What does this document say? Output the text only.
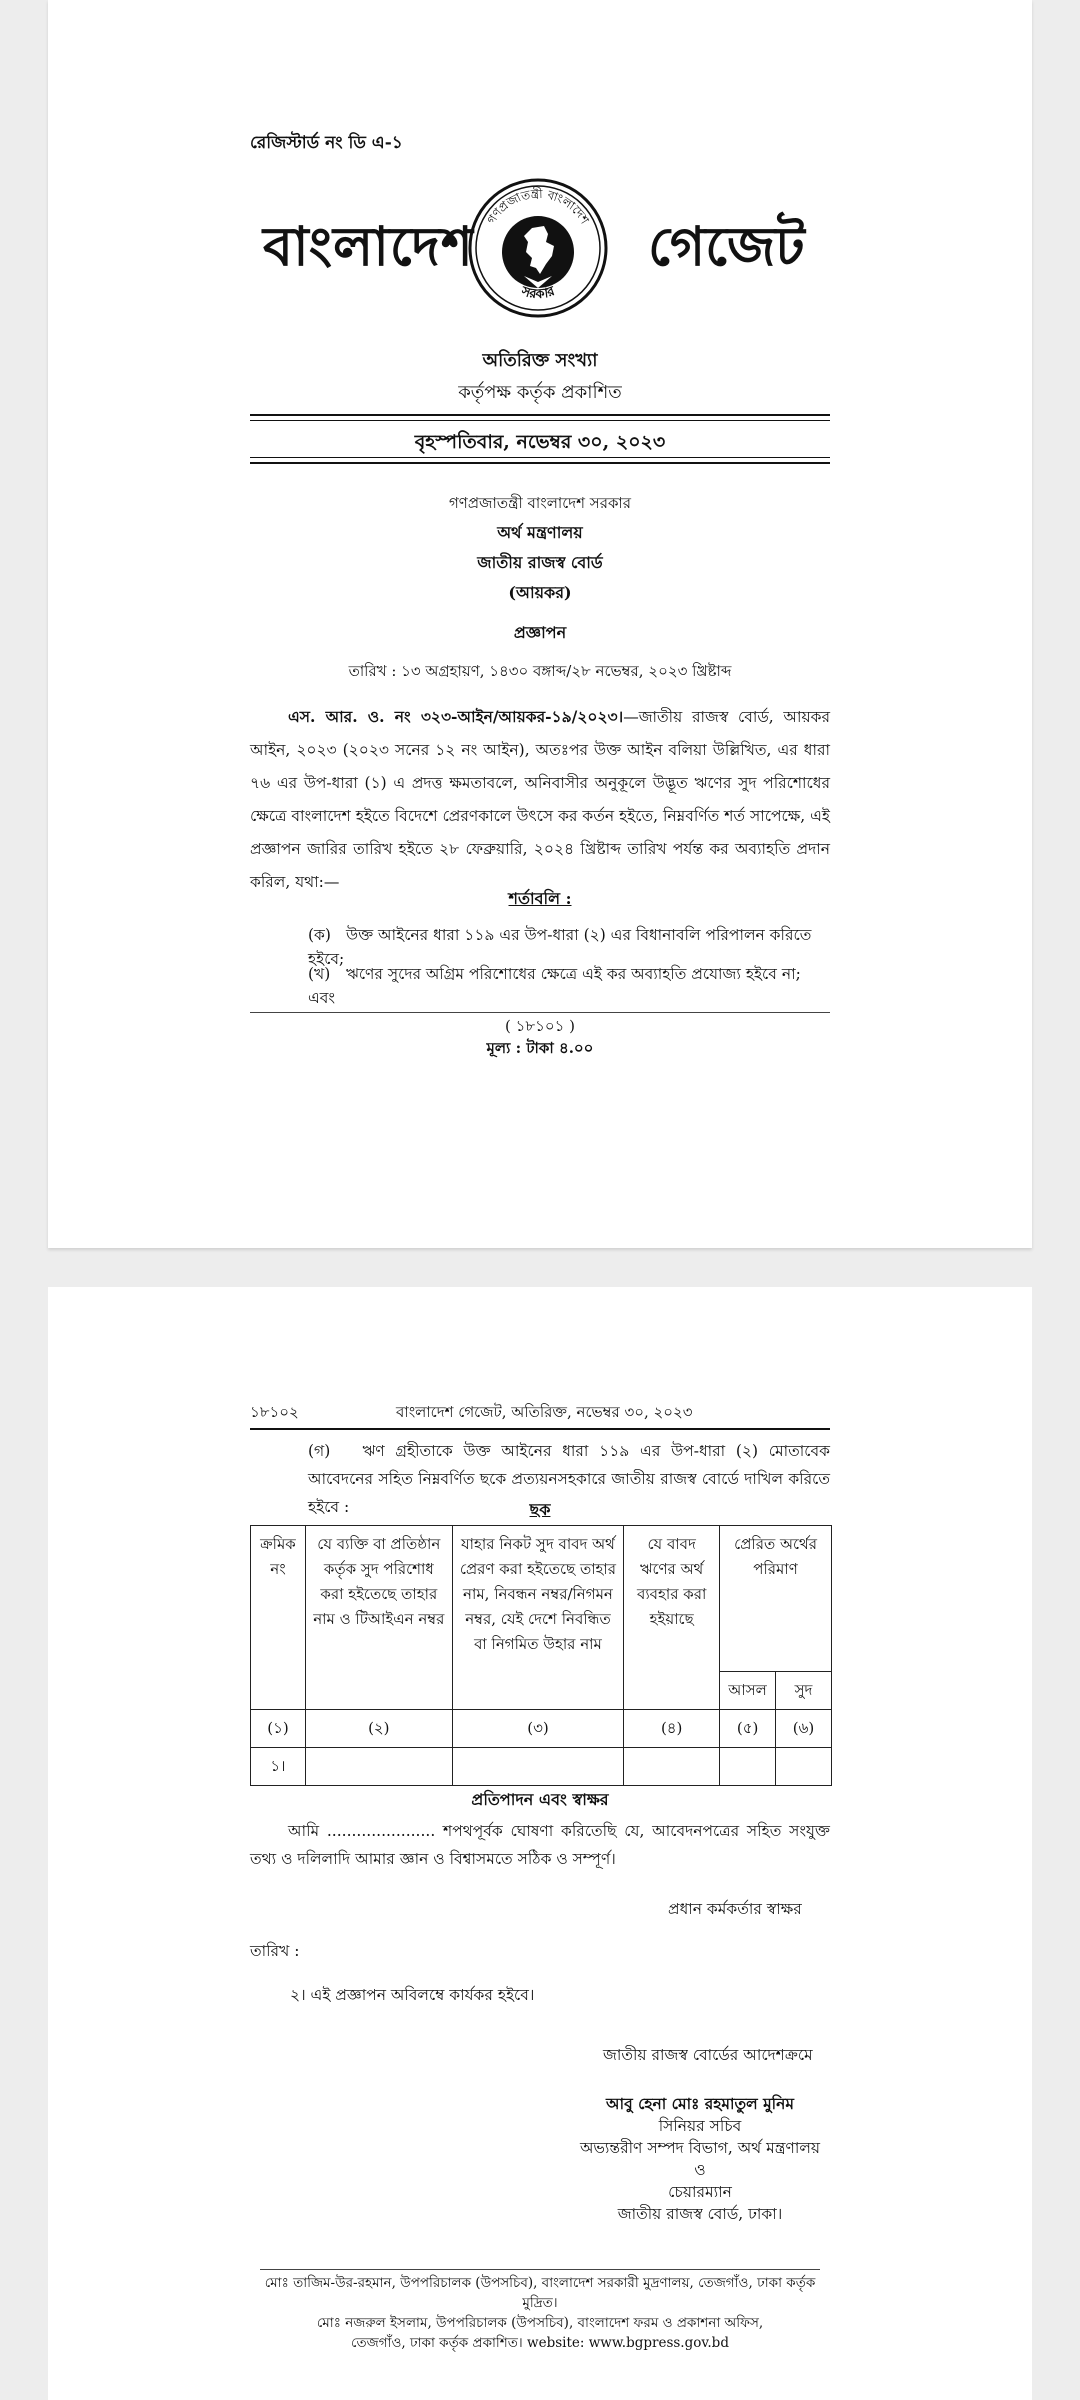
রেজিস্টার্ড নং ডি এ-১
বাংলাদেশ গণপ্রজাতন্ত্রী বাংলাদেশ
সরকার
গেজেট
অতিরিক্ত সংখ্যা
কর্তৃপক্ষ কর্তৃক প্রকাশিত
বৃহস্পতিবার, নভেম্বর ৩০, ২০২৩
গণপ্রজাতন্ত্রী বাংলাদেশ সরকার
অর্থ মন্ত্রণালয়
জাতীয় রাজস্ব বোর্ড
(আয়কর)
প্রজ্ঞাপন
তারিখ : ১৩ অগ্রহায়ণ, ১৪৩০ বঙ্গাব্দ/২৮ নভেম্বর, ২০২৩ খ্রিষ্টাব্দ
এস. আর. ও. নং ৩২৩-আইন/আয়কর-১৯/২০২৩।—জাতীয় রাজস্ব বোর্ড, আয়কর আইন, ২০২৩ (২০২৩ সনের ১২ নং আইন), অতঃপর উক্ত আইন বলিয়া উল্লিখিত, এর ধারা ৭৬ এর উপ-ধারা (১) এ প্রদত্ত ক্ষমতাবলে, অনিবাসীর অনুকূলে উদ্ভূত ঋণের সুদ পরিশোধের ক্ষেত্রে বাংলাদেশ হইতে বিদেশে প্রেরণকালে উৎসে কর কর্তন হইতে, নিম্নবর্ণিত শর্ত সাপেক্ষে, এই প্রজ্ঞাপন জারির তারিখ হইতে ২৮ ফেব্রুয়ারি, ২০২৪ খ্রিষ্টাব্দ তারিখ পর্যন্ত কর অব্যাহতি প্রদান করিল, যথা:—
শর্তাবলি :
(ক) উক্ত আইনের ধারা ১১৯ এর উপ-ধারা (২) এর বিধানাবলি পরিপালন করিতে হইবে;
(খ) ঋণের সুদের অগ্রিম পরিশোধের ক্ষেত্রে এই কর অব্যাহতি প্রযোজ্য হইবে না; এবং
( ১৮১০১ )
মূল্য : টাকা ৪.০০
১৮১০২	বাংলাদেশ গেজেট, অতিরিক্ত, নভেম্বর ৩০, ২০২৩
(গ) ঋণ গ্রহীতাকে উক্ত আইনের ধারা ১১৯ এর উপ-ধারা (২) মোতাবেক আবেদনের সহিত নিম্নবর্ণিত ছকে প্রত্যয়নসহকারে জাতীয় রাজস্ব বোর্ডে দাখিল করিতে হইবে :	ছক
ক্রমিক নং	যে ব্যক্তি বা প্রতিষ্ঠান কর্তৃক সুদ পরিশোধ করা হইতেছে তাহার নাম ও টিআইএন নম্বর	যাহার নিকট সুদ বাবদ অর্থ প্রেরণ করা হইতেছে তাহার নাম, নিবন্ধন নম্বর/নিগমন নম্বর, যেই দেশে নিবন্ধিত বা নিগমিত উহার নাম	যে বাবদ ঋণের অর্থ ব্যবহার করা হইয়াছে	প্রেরিত অর্থের পরিমাণ	
				আসল	সুদ
(১)	(২)	(৩)	(৪)	(৫)	(৬)
১।					
প্রতিপাদন এবং স্বাক্ষর
আমি ...................... শপথপূর্বক ঘোষণা করিতেছি যে, আবেদনপত্রের সহিত সংযুক্ত তথ্য ও দলিলাদি আমার জ্ঞান ও বিশ্বাসমতে সঠিক ও সম্পূর্ণ।
প্রধান কর্মকর্তার স্বাক্ষর
তারিখ :
২। এই প্রজ্ঞাপন অবিলম্বে কার্যকর হইবে।
জাতীয় রাজস্ব বোর্ডের আদেশক্রমে
আবু হেনা মোঃ রহমাতুল মুনিম
সিনিয়র সচিব
অভ্যন্তরীণ সম্পদ বিভাগ, অর্থ মন্ত্রণালয়
ও
চেয়ারম্যান
জাতীয় রাজস্ব বোর্ড, ঢাকা।
মোঃ তাজিম-উর-রহমান, উপপরিচালক (উপসচিব), বাংলাদেশ সরকারী মুদ্রণালয়, তেজগাঁও, ঢাকা কর্তৃক মুদ্রিত।
মোঃ নজরুল ইসলাম, উপপরিচালক (উপসচিব), বাংলাদেশ ফরম ও প্রকাশনা অফিস,
তেজগাঁও, ঢাকা কর্তৃক প্রকাশিত। website: www.bgpress.gov.bd
